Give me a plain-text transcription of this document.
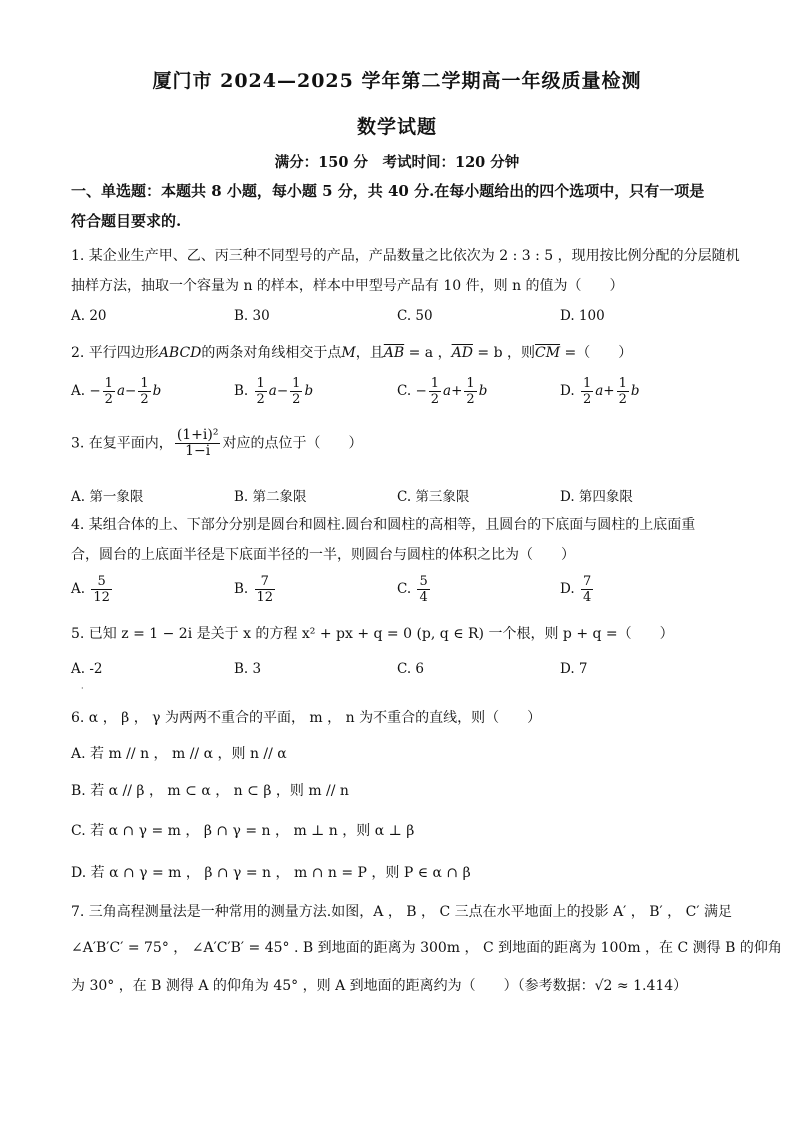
厦门市 2024—2025 学年第二学期高一年级质量检测
数学试题
满分：150 分　考试时间：120 分钟
一、单选题：本题共 8 小题，每小题 5 分，共 40 分.在每小题给出的四个选项中，只有一项是
符合题目要求的.
1. 某企业生产甲、乙、丙三种不同型号的产品，产品数量之比依次为 2 : 3 : 5 ，现用按比例分配的分层随机
抽样方法，抽取一个容量为 n 的样本，样本中甲型号产品有 10 件，则 n 的值为（　　）
A. 20	B. 30	C. 50	D. 100
2. 平行四边形ABCD的两条对角线相交于点M，且$\overline{AB} = a$ ，$\overline{AD} = b$ ，则$\overline{CM}$ =（　　）
A. − $\frac{1}{2} a- \frac{1}{2}$ b	B. $\frac{1}{2} a- \frac{1}{2}$ b	C. − $\frac{1}{2} a+ \frac{1}{2}$ b	D. $\frac{1}{2} a+ \frac{1}{2}$ b
3. 在复平面内， $\frac{\text{(1+i)²}}{1-i}$ 对应的点位于（　　）
A. 第一象限	B. 第二象限	C. 第三象限	D. 第四象限
4. 某组合体的上、下部分分别是圆台和圆柱.圆台和圆柱的高相等，且圆台的下底面与圆柱的上底面重
合，圆台的上底面半径是下底面半径的一半，则圆台与圆柱的体积之比为（　　）
A. $\frac{5}{12}$	B. $\frac{7}{12}$	C. $\frac{5}{4}$	D. $\frac{7}{4}$
5. 已知 z = 1 − 2i 是关于 x 的方程 x² + px + q = 0 (p, q ∈ R) 一个根，则 p + q =（　　）
A. -2	B. 3	C. 6	D. 7
·
6. α ， β ， γ 为两两不重合的平面， m ， n 为不重合的直线，则（　　）
A. 若 m // n ， m // α ，则 n // α
B. 若 α // β ， m ⊂ α ， n ⊂ β ，则 m // n
C. 若 α ∩ γ = m ， β ∩ γ = n ， m ⊥ n ，则 α ⊥ β
D. 若 α ∩ γ = m ， β ∩ γ = n ， m ∩ n = P ，则 P ∈ α ∩ β
7. 三角高程测量法是一种常用的测量方法.如图，A ， B ， C 三点在水平地面上的投影 A′ ， B′ ， C′ 满足
∠A′B′C′ = 75° ， ∠A′C′B′ = 45° . B 到地面的距离为 300m ， C 到地面的距离为 100m ，在 C 测得 B 的仰角
为 30° ，在 B 测得 A 的仰角为 45° ，则 A 到地面的距离约为（　　）（参考数据：√2 ≈ 1.414）
